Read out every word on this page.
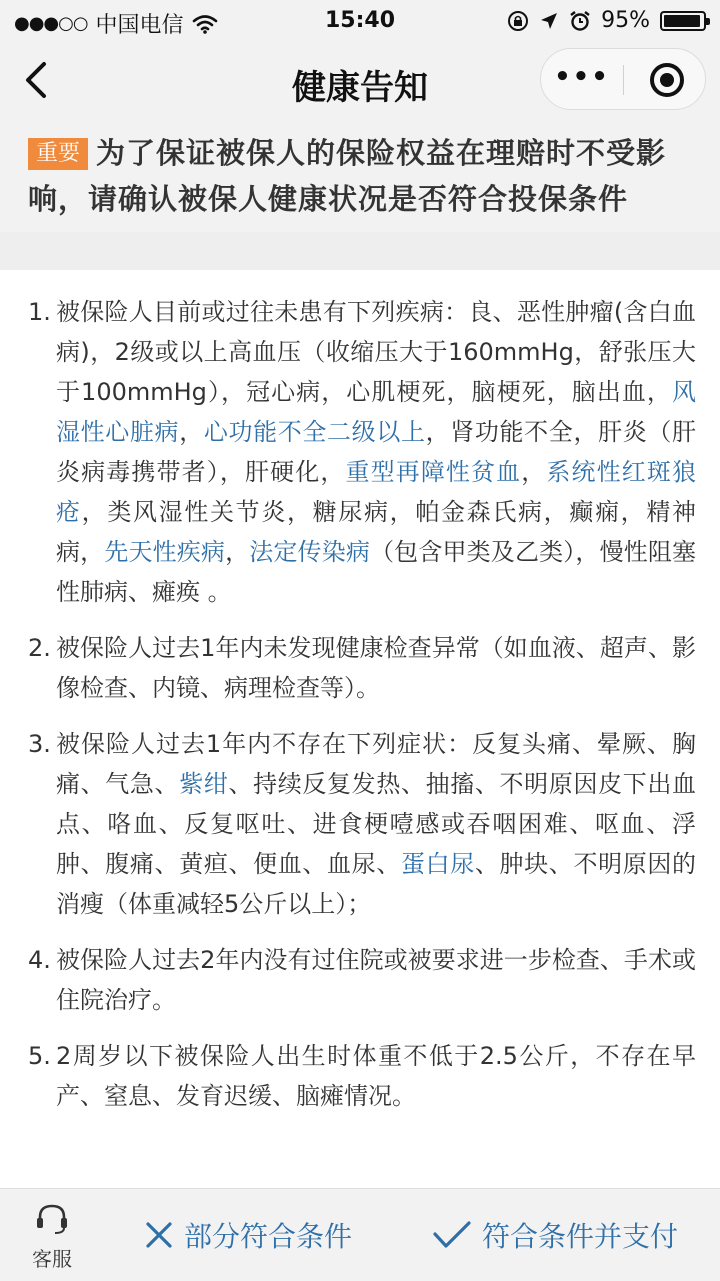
●●●○○ 中国电信	15:40	95%
健康告知	•••
重要 为了保证被保人的保险权益在理赔时不受影响，请确认被保人健康状况是否符合投保条件
1. 被保险人目前或过往未患有下列疾病：良、恶性肿瘤(含白血病)，2级或以上高血压（收缩压大于160mmHg，舒张压大于100mmHg），冠心病，心肌梗死，脑梗死，脑出血，风湿性心脏病，心功能不全二级以上，肾功能不全，肝炎（肝炎病毒携带者），肝硬化，重型再障性贫血，系统性红斑狼疮，类风湿性关节炎，糖尿病，帕金森氏病，癫痫，精神病，先天性疾病，法定传染病（包含甲类及乙类），慢性阻塞性肺病、瘫痪 。
2. 被保险人过去1年内未发现健康检查异常（如血液、超声、影像检查、内镜、病理检查等）。
3. 被保险人过去1年内不存在下列症状：反复头痛、晕厥、胸痛、气急、紫绀、持续反复发热、抽搐、不明原因皮下出血点、咯血、反复呕吐、进食梗噎感或吞咽困难、呕血、浮肿、腹痛、黄疸、便血、血尿、蛋白尿、肿块、不明原因的消瘦（体重减轻5公斤以上）；
4. 被保险人过去2年内没有过住院或被要求进一步检查、手术或住院治疗。
5. 2周岁以下被保险人出生时体重不低于2.5公斤，不存在早产、窒息、发育迟缓、脑瘫情况。
客服
部分符合条件	符合条件并支付
